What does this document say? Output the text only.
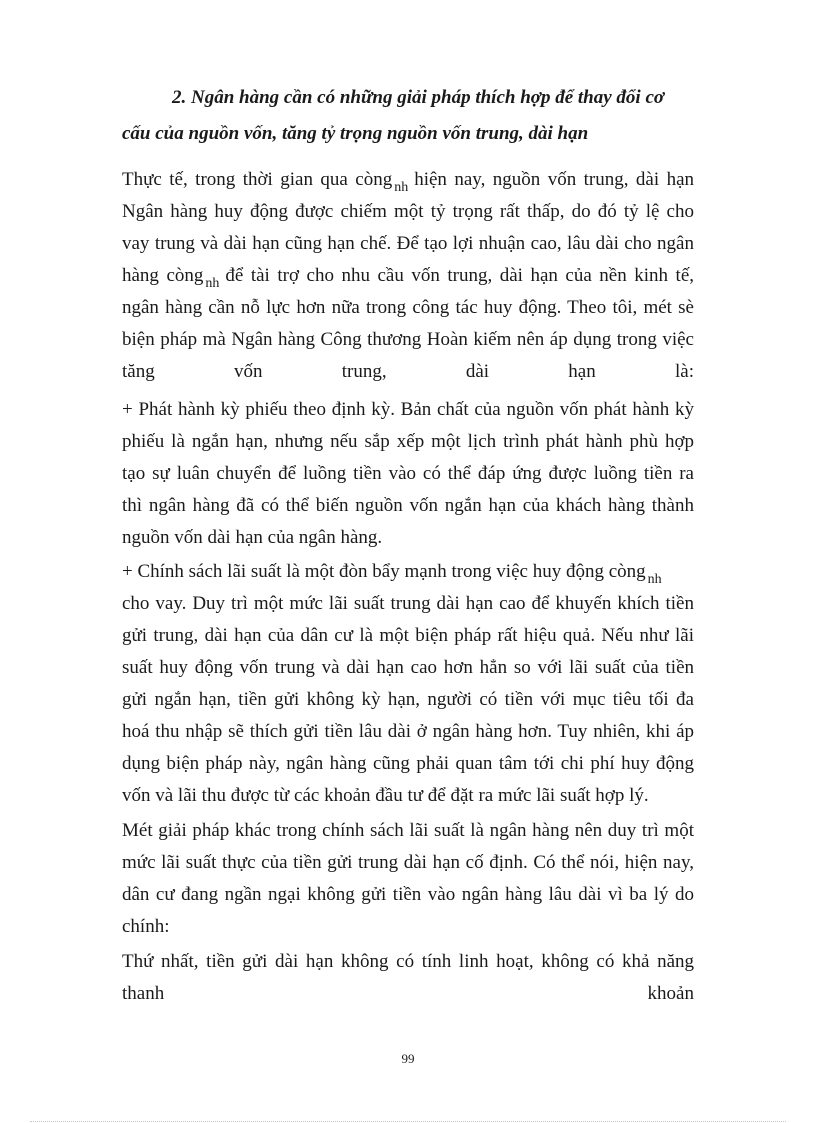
2. Ngân hàng cần có những giải pháp thích hợp để thay đổi cơ
cấu của nguồn vốn, tăng tỷ trọng nguồn vốn trung, dài hạn
Thực tế, trong thời gian qua còng $_{nh}$ hiện nay, nguồn vốn trung, dài hạn
Ngân hàng huy động được chiếm một tỷ trọng rất thấp, do đó tỷ lệ cho
vay trung và dài hạn cũng hạn chế. Để tạo lợi nhuận cao, lâu dài cho ngân
hàng còng $_{nh}$ để tài trợ cho nhu cầu vốn trung, dài hạn của nền kinh tế,
ngân hàng cần nỗ lực hơn nữa trong công tác huy động. Theo tôi, mét sè
biện pháp mà Ngân hàng Công thương Hoàn kiếm nên áp dụng trong việc
tăng vốn trung, dài hạn là:
+ Phát hành kỳ phiếu theo định kỳ. Bản chất của nguồn vốn phát hành kỳ
phiếu là ngắn hạn, nhưng nếu sắp xếp một lịch trình phát hành phù hợp
tạo sự luân chuyển để luồng tiền vào có thể đáp ứng được luồng tiền ra
thì ngân hàng đã có thể biến nguồn vốn ngắn hạn của khách hàng thành
nguồn vốn dài hạn của ngân hàng.
+ Chính sách lãi suất là một đòn bẩy mạnh trong việc huy động còng $_{nh}$
cho vay. Duy trì một mức lãi suất trung dài hạn cao để khuyến khích tiền
gửi trung, dài hạn của dân cư là một biện pháp rất hiệu quả. Nếu như lãi
suất huy động vốn trung và dài hạn cao hơn hẳn so với lãi suất của tiền
gửi ngắn hạn, tiền gửi không kỳ hạn, người có tiền với mục tiêu tối đa
hoá thu nhập sẽ thích gửi tiền lâu dài ở ngân hàng hơn. Tuy nhiên, khi áp
dụng biện pháp này, ngân hàng cũng phải quan tâm tới chi phí huy động
vốn và lãi thu được từ các khoản đầu tư để đặt ra mức lãi suất hợp lý.
Mét giải pháp khác trong chính sách lãi suất là ngân hàng nên duy trì một
mức lãi suất thực của tiền gửi trung dài hạn cố định. Có thể nói, hiện nay,
dân cư đang ngần ngại không gửi tiền vào ngân hàng lâu dài vì ba lý do
chính:
Thứ nhất, tiền gửi dài hạn không có tính linh hoạt, không có khả năng
thanh khoản
99
